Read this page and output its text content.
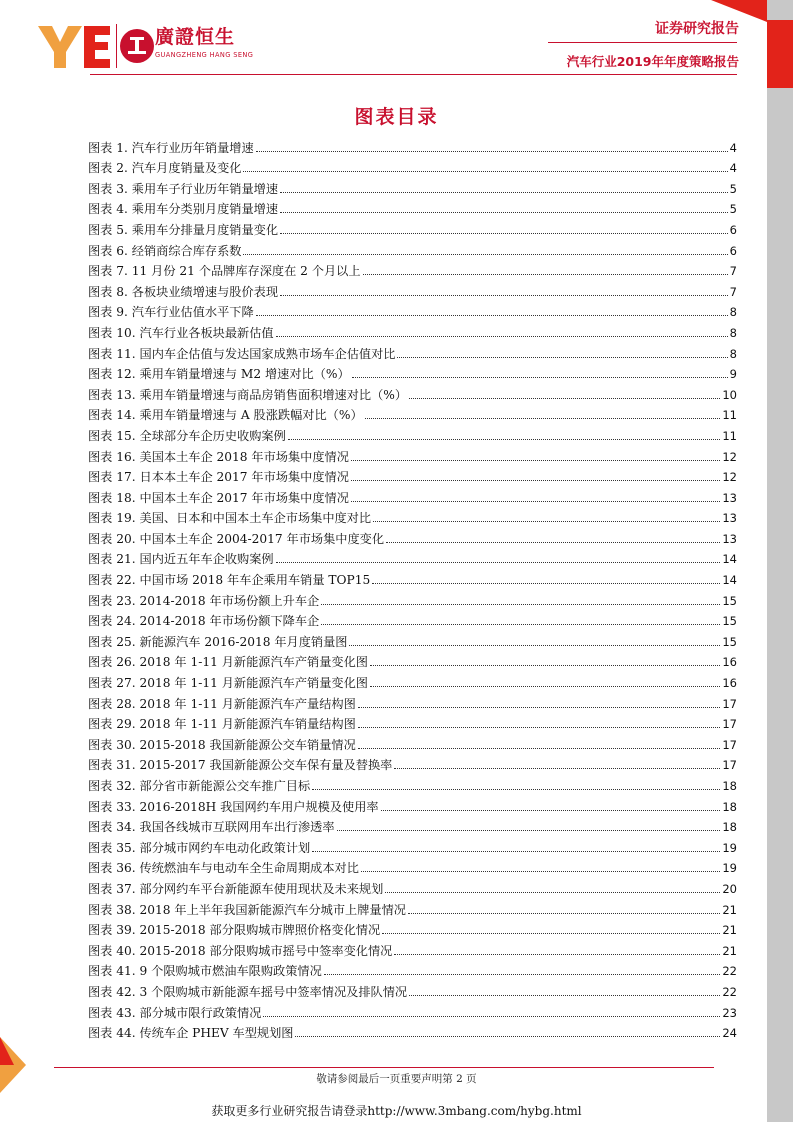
廣證恒生
GUANGZHENG HANG SENG
证券研究报告
汽车行业2019年年度策略报告
图表目录
图表 1. 汽车行业历年销量增速	4
图表 2. 汽车月度销量及变化	4
图表 3. 乘用车子行业历年销量增速	5
图表 4. 乘用车分类别月度销量增速	5
图表 5. 乘用车分排量月度销量变化	6
图表 6. 经销商综合库存系数	6
图表 7. 11 月份 21 个品牌库存深度在 2 个月以上	7
图表 8. 各板块业绩增速与股价表现	7
图表 9. 汽车行业估值水平下降	8
图表 10. 汽车行业各板块最新估值	8
图表 11. 国内车企估值与发达国家成熟市场车企估值对比	8
图表 12. 乘用车销量增速与 M2 增速对比（%）	9
图表 13. 乘用车销量增速与商品房销售面积增速对比（%）	10
图表 14. 乘用车销量增速与 A 股涨跌幅对比（%）	11
图表 15. 全球部分车企历史收购案例	11
图表 16. 美国本土车企 2018 年市场集中度情况	12
图表 17. 日本本土车企 2017 年市场集中度情况	12
图表 18. 中国本土车企 2017 年市场集中度情况	13
图表 19. 美国、日本和中国本土车企市场集中度对比	13
图表 20. 中国本土车企 2004-2017 年市场集中度变化	13
图表 21. 国内近五年车企收购案例	14
图表 22. 中国市场 2018 年车企乘用车销量 TOP15	14
图表 23. 2014-2018 年市场份额上升车企	15
图表 24. 2014-2018 年市场份额下降车企	15
图表 25. 新能源汽车 2016-2018 年月度销量图	15
图表 26. 2018 年 1-11 月新能源汽车产销量变化图	16
图表 27. 2018 年 1-11 月新能源汽车产销量变化图	16
图表 28. 2018 年 1-11 月新能源汽车产量结构图	17
图表 29. 2018 年 1-11 月新能源汽车销量结构图	17
图表 30. 2015-2018 我国新能源公交车销量情况	17
图表 31. 2015-2017 我国新能源公交车保有量及替换率	17
图表 32. 部分省市新能源公交车推广目标	18
图表 33. 2016-2018H 我国网约车用户规模及使用率	18
图表 34. 我国各线城市互联网用车出行渗透率	18
图表 35. 部分城市网约车电动化政策计划	19
图表 36. 传统燃油车与电动车全生命周期成本对比	19
图表 37. 部分网约车平台新能源车使用现状及未来规划	20
图表 38. 2018 年上半年我国新能源汽车分城市上牌量情况	21
图表 39. 2015-2018 部分限购城市牌照价格变化情况	21
图表 40. 2015-2018 部分限购城市摇号中签率变化情况	21
图表 41. 9 个限购城市燃油车限购政策情况	22
图表 42. 3 个限购城市新能源车摇号中签率情况及排队情况	22
图表 43. 部分城市限行政策情况	23
图表 44. 传统车企 PHEV 车型规划图	24
敬请参阅最后一页重要声明第 2 页
获取更多行业研究报告请登录http://www.3mbang.com/hybg.html
